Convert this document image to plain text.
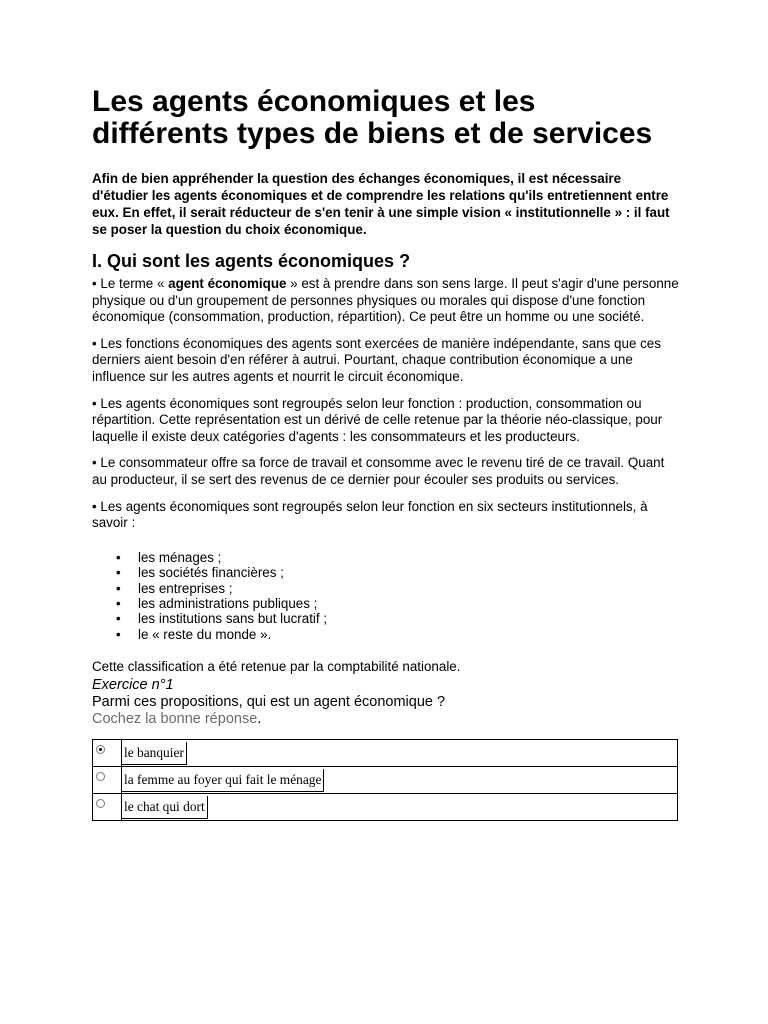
Les agents économiques et les différents types de biens et de services

Afin de bien appréhender la question des échanges économiques, il est nécessaire d'étudier les agents économiques et de comprendre les relations qu'ils entretiennent entre eux. En effet, il serait réducteur de s'en tenir à une simple vision « institutionnelle » : il faut se poser la question du choix économique.

I. Qui sont les agents économiques ?

• Le terme « agent économique » est à prendre dans son sens large. Il peut s'agir d'une personne physique ou d'un groupement de personnes physiques ou morales qui dispose d'une fonction économique (consommation, production, répartition). Ce peut être un homme ou une société.

• Les fonctions économiques des agents sont exercées de manière indépendante, sans que ces derniers aient besoin d'en référer à autrui. Pourtant, chaque contribution économique a une influence sur les autres agents et nourrit le circuit économique.

• Les agents économiques sont regroupés selon leur fonction : production, consommation ou répartition. Cette représentation est un dérivé de celle retenue par la théorie néo-classique, pour laquelle il existe deux catégories d'agents : les consommateurs et les producteurs.

• Le consommateur offre sa force de travail et consomme avec le revenu tiré de ce travail. Quant au producteur, il se sert des revenus de ce dernier pour écouler ses produits ou services.

• Les agents économiques sont regroupés selon leur fonction en six secteurs institutionnels, à savoir :

• les ménages ;
• les sociétés financières ;
• les entreprises ;
• les administrations publiques ;
• les institutions sans but lucratif ;
• le « reste du monde ».

Cette classification a été retenue par la comptabilité nationale.

Exercice n°1
Parmi ces propositions, qui est un agent économique ?
Cochez la bonne réponse.
	le banquier

	la femme au foyer qui fait le ménage

	le chat qui dort
